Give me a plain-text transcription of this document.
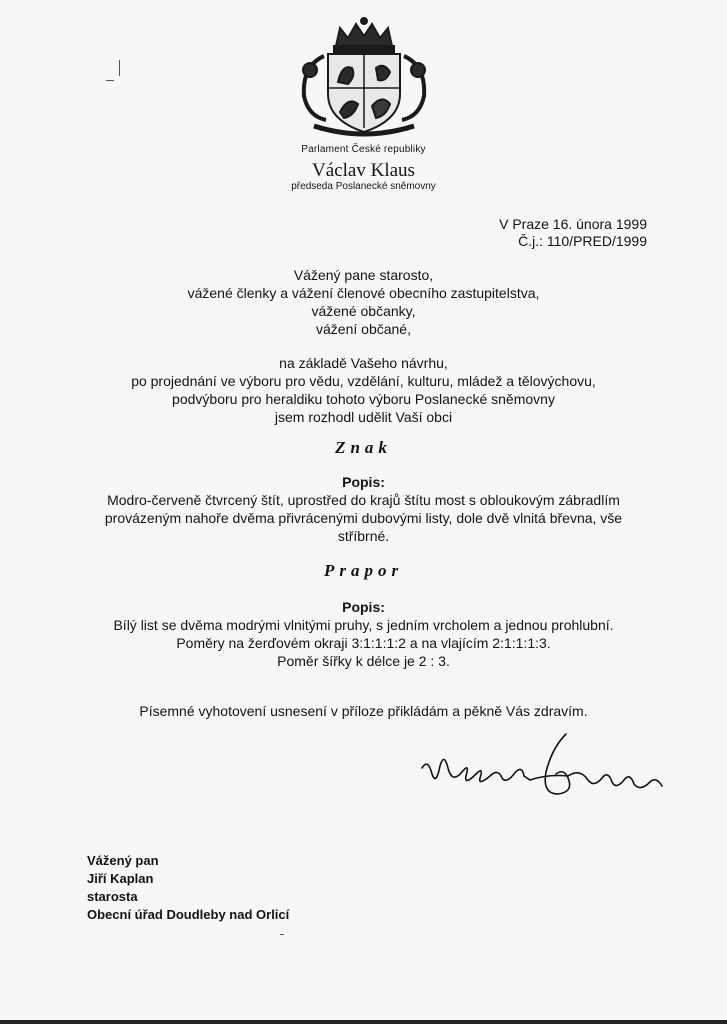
Parlament České republiky
Václav Klaus
předseda Poslanecké sněmovny
V Praze 16. února 1999
Č.j.: 110/PRED/1999
Vážený pane starosto,
vážené členky a vážení členové obecního zastupitelstva,
vážené občanky,
vážení občané,
na základě Vašeho návrhu,
po projednání ve výboru pro vědu, vzdělání, kulturu, mládež a tělovýchovu,
podvýboru pro heraldiku tohoto výboru Poslanecké sněmovny
jsem rozhodl udělit Vaší obci
Znak
Popis:
Modro-červeně čtvrcený štít, uprostřed do krajů štítu most s obloukovým zábradlím provázeným nahoře dvěma přivrácenými dubovými listy, dole dvě vlnitá břevna, vše stříbrné.
Prapor
Popis:
Bílý list se dvěma modrými vlnitými pruhy, s jedním vrcholem a jednou prohlubní.
Poměry na žerďovém okraji 3:1:1:1:2 a na vlajícím 2:1:1:1:3.
Poměr šířky k délce je 2 : 3.
Písemné vyhotovení usnesení v příloze přikládám a pěkně Vás zdravím.
Vážený pan
Jiří Kaplan
starosta
Obecní úřad Doudleby nad Orlicí
